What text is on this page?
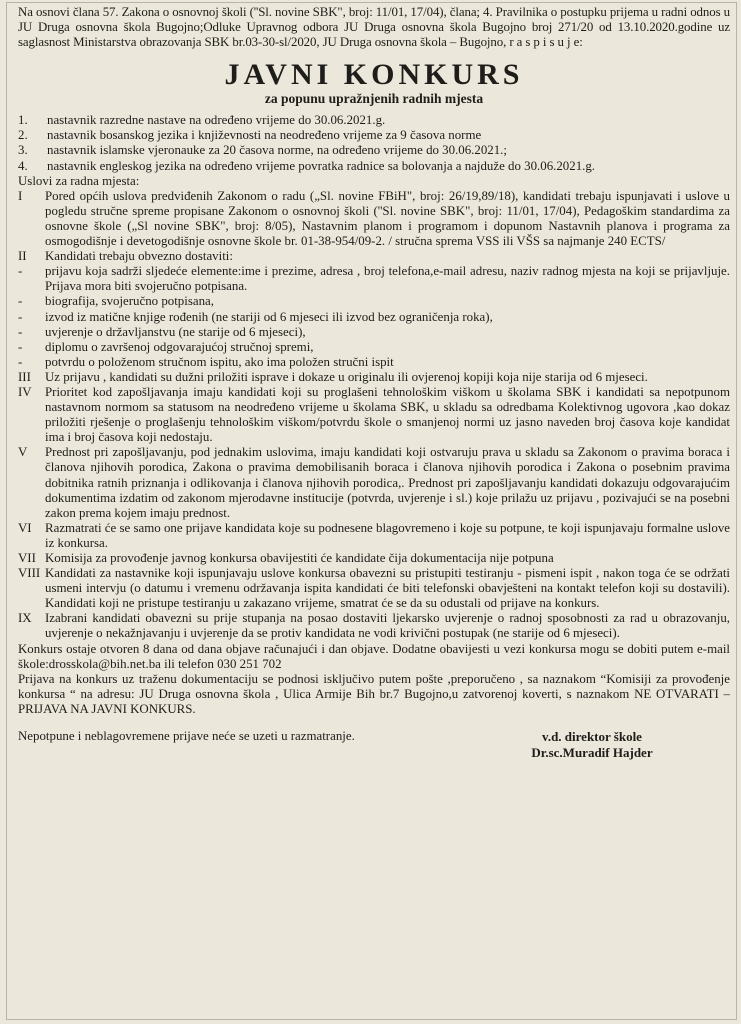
Na osnovi člana 57. Zakona o osnovnoj školi (''Sl. novine SBK", broj: 11/01, 17/04), člana; 4. Pravilnika o postupku prijema u radni odnos u JU Druga osnovna škola Bugojno;Odluke Upravnog odbora JU Druga osnovna škola Bugojno broj 271/20 od 13.10.2020.godine uz saglasnost Ministarstva obrazovanja SBK br.03-30-sl/2020, JU Druga osnovna škola – Bugojno, r a s p i s u j e:

JAVNI KONKURS
za popunu upražnjenih radnih mjesta
1.	nastavnik razredne nastave na određeno vrijeme do 30.06.2021.g.
2.	nastavnik bosanskog jezika i književnosti na neodređeno vrijeme za 9 časova norme
3.	nastavnik islamske vjeronauke za 20 časova norme, na određeno vrijeme do 30.06.2021.;
4.	nastavnik engleskog jezika na određeno vrijeme povratka radnice sa bolovanja a najduže do 30.06.2021.g.

Uslovi za radna mjesta:

I	Pored općih uslova predviđenih Zakonom o radu („Sl. novine FBiH", broj: 26/19,89/18), kandidati trebaju ispunjavati i uslove u pogledu stručne spreme propisane Zakonom o osnovnoj školi (''Sl. novine SBK", broj: 11/01, 17/04), Pedagoškim standardima za osnovne škole („Sl novine SBK", broj: 8/05), Nastavnim planom i programom i dopunom Nastavnih planova i programa za osmogodišnje i devetogodišnje osnovne škole br. 01-38-954/09-2. / stručna sprema VSS ili VŠS sa najmanje 240 ECTS/
II	Kandidati trebaju obvezno dostaviti:
-	prijavu koja sadrži sljedeće elemente:ime i prezime, adresa , broj telefona,e-mail adresu, naziv radnog mjesta na koji se prijavljuje. Prijava mora biti svojeručno potpisana.
-	biografija, svojeručno potpisana,
-	izvod iz matične knjige rođenih (ne stariji od 6 mjeseci ili izvod bez ograničenja roka),
-	uvjerenje o državljanstvu (ne starije od 6 mjeseci),
-	diplomu o završenoj odgovarajućoj stručnoj spremi,
-	potvrdu o položenom stručnom ispitu, ako ima položen stručni ispit
III	Uz prijavu , kandidati su dužni priložiti isprave i dokaze u originalu ili ovjerenoj kopiji koja nije starija od 6 mjeseci.
IV	Prioritet kod zapošljavanja imaju kandidati koji su proglašeni tehnološkim viškom u školama SBK i kandidati sa nepotpunom nastavnom normom sa statusom na neodređeno vrijeme u školama SBK, u skladu sa odredbama Kolektivnog ugovora ,kao dokaz priložiti rješenje o proglašenju tehnološkim viškom/potvrdu škole o smanjenoj normi uz jasno naveden broj časova koje kandidat ima i broj časova koji nedostaju.
V	Prednost pri zapošljavanju, pod jednakim uslovima, imaju kandidati koji ostvaruju prava u skladu sa Zakonom o pravima boraca i članova njihovih porodica, Zakona o pravima demobilisanih boraca i članova njihovih porodica i Zakona o posebnim pravima dobitnika ratnih priznanja i odlikovanja i članova njihovih porodica,. Prednost pri zapošljavanju kandidati dokazuju odgovarajućim dokumentima izdatim od zakonom mjerodavne institucije (potvrda, uvjerenje i sl.) koje prilažu uz prijavu , pozivajući se na posebni zakon prema kojem imaju prednost.
VI	Razmatrati će se samo one prijave kandidata koje su podnesene blagovremeno i koje su potpune, te koji ispunjavaju formalne uslove iz konkursa.
VII Komisija za provođenje javnog konkursa obavijestiti će kandidate čija dokumentacija nije potpuna
VIII Kandidati za nastavnike koji ispunjavaju uslove konkursa obavezni su pristupiti testiranju - pismeni ispit , nakon toga će se održati usmeni intervju (o datumu i vremenu održavanja ispita kandidati će biti telefonski obavješteni na kontakt telefon koji su dostavili). Kandidati koji ne pristupe testiranju u zakazano vrijeme, smatrat će se da su odustali od prijave na konkurs.
IX	Izabrani kandidati obavezni su prije stupanja na posao dostaviti ljekarsko uvjerenje o radnoj sposobnosti za rad u obrazovanju, uvjerenje o nekažnjavanju i uvjerenje da se protiv kandidata ne vodi krivični postupak (ne starije od 6 mjeseci).

Konkurs ostaje otvoren 8 dana od dana objave računajući i dan objave. Dodatne obavijesti u vezi konkursa mogu se dobiti putem e-mail škole:drosskola@bih.net.ba ili telefon 030 251 702

Prijava na konkurs uz traženu dokumentaciju se podnosi isključivo putem pošte ,preporučeno , sa naznakom “Komisiji za provođenje konkursa “ na adresu: JU Druga osnovna škola , Ulica Armije Bih br.7 Bugojno,u zatvorenoj koverti, s naznakom NE OTVARATI – PRIJAVA NA JAVNI KONKURS.

Nepotpune i neblagovremene prijave neće se uzeti u razmatranje.	v.d. direktor škole
Dr.sc.Muradif Hajder
